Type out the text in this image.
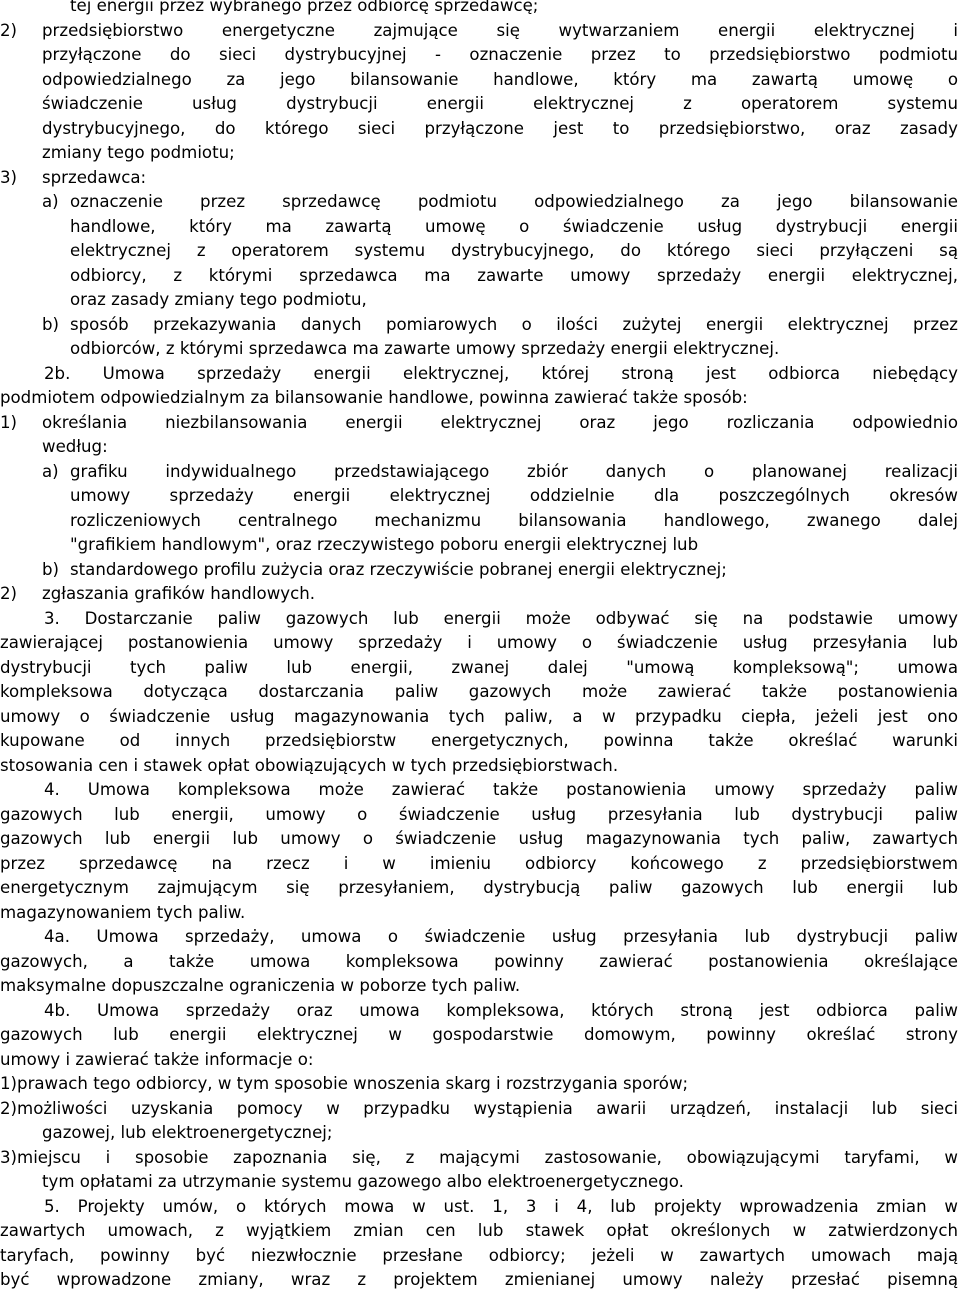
tej energii przez wybranego przez odbiorcę sprzedawcę;
2) przedsiębiorstwo energetyczne zajmujące się wytwarzaniem energii elektrycznej i
przyłączone do sieci dystrybucyjnej - oznaczenie przez to przedsiębiorstwo podmiotu
odpowiedzialnego za jego bilansowanie handlowe, który ma zawartą umowę o
świadczenie usług dystrybucji energii elektrycznej z operatorem systemu
dystrybucyjnego, do którego sieci przyłączone jest to przedsiębiorstwo, oraz zasady
zmiany tego podmiotu;
3) sprzedawca:
a) oznaczenie przez sprzedawcę podmiotu odpowiedzialnego za jego bilansowanie
handlowe, który ma zawartą umowę o świadczenie usług dystrybucji energii
elektrycznej z operatorem systemu dystrybucyjnego, do którego sieci przyłączeni są
odbiorcy, z którymi sprzedawca ma zawarte umowy sprzedaży energii elektrycznej,
oraz zasady zmiany tego podmiotu,
b) sposób przekazywania danych pomiarowych o ilości zużytej energii elektrycznej przez
odbiorców, z którymi sprzedawca ma zawarte umowy sprzedaży energii elektrycznej.
2b. Umowa sprzedaży energii elektrycznej, której stroną jest odbiorca niebędący
podmiotem odpowiedzialnym za bilansowanie handlowe, powinna zawierać także sposób:
1) określania niezbilansowania energii elektrycznej oraz jego rozliczania odpowiednio
według:
a) grafiku indywidualnego przedstawiającego zbiór danych o planowanej realizacji
umowy sprzedaży energii elektrycznej oddzielnie dla poszczególnych okresów
rozliczeniowych centralnego mechanizmu bilansowania handlowego, zwanego dalej
"grafikiem handlowym", oraz rzeczywistego poboru energii elektrycznej lub
b) standardowego profilu zużycia oraz rzeczywiście pobranej energii elektrycznej;
2) zgłaszania grafików handlowych.
3. Dostarczanie paliw gazowych lub energii może odbywać się na podstawie umowy
zawierającej postanowienia umowy sprzedaży i umowy o świadczenie usług przesyłania lub
dystrybucji tych paliw lub energii, zwanej dalej "umową kompleksową"; umowa
kompleksowa dotycząca dostarczania paliw gazowych może zawierać także postanowienia
umowy o świadczenie usług magazynowania tych paliw, a w przypadku ciepła, jeżeli jest ono
kupowane od innych przedsiębiorstw energetycznych, powinna także określać warunki
stosowania cen i stawek opłat obowiązujących w tych przedsiębiorstwach.
4. Umowa kompleksowa może zawierać także postanowienia umowy sprzedaży paliw
gazowych lub energii, umowy o świadczenie usług przesyłania lub dystrybucji paliw
gazowych lub energii lub umowy o świadczenie usług magazynowania tych paliw, zawartych
przez sprzedawcę na rzecz i w imieniu odbiorcy końcowego z przedsiębiorstwem
energetycznym zajmującym się przesyłaniem, dystrybucją paliw gazowych lub energii lub
magazynowaniem tych paliw.
4a. Umowa sprzedaży, umowa o świadczenie usług przesyłania lub dystrybucji paliw
gazowych, a także umowa kompleksowa powinny zawierać postanowienia określające
maksymalne dopuszczalne ograniczenia w poborze tych paliw.
4b. Umowa sprzedaży oraz umowa kompleksowa, których stroną jest odbiorca paliw
gazowych lub energii elektrycznej w gospodarstwie domowym, powinny określać strony
umowy i zawierać także informacje o:
1)prawach tego odbiorcy, w tym sposobie wnoszenia skarg i rozstrzygania sporów;
2)możliwości uzyskania pomocy w przypadku wystąpienia awarii urządzeń, instalacji lub sieci
gazowej, lub elektroenergetycznej;
3)miejscu i sposobie zapoznania się, z mającymi zastosowanie, obowiązującymi taryfami, w
tym opłatami za utrzymanie systemu gazowego albo elektroenergetycznego.
5. Projekty umów, o których mowa w ust. 1, 3 i 4, lub projekty wprowadzenia zmian w
zawartych umowach, z wyjątkiem zmian cen lub stawek opłat określonych w zatwierdzonych
taryfach, powinny być niezwłocznie przesłane odbiorcy; jeżeli w zawartych umowach mają
być wprowadzone zmiany, wraz z projektem zmienianej umowy należy przesłać pisemną
